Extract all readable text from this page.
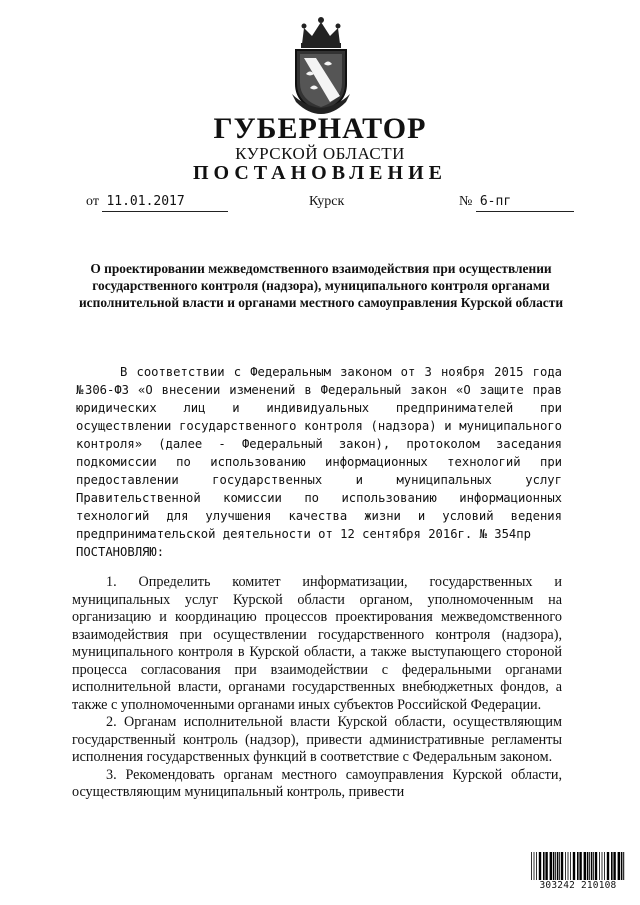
ГУБЕРНАТОР
КУРСКОЙ ОБЛАСТИ
ПОСТАНОВЛЕНИЕ
от 11.01.2017	Курск	№ 6-пг
О проектировании межведомственного взаимодействия при осуществлении государственного контроля (надзора), муниципального контроля органами исполнительной власти и органами местного самоуправления Курской области

В соответствии с Федеральным законом от 3 ноября 2015 года №306-ФЗ «О внесении изменений в Федеральный закон «О защите прав юридических лиц и индивидуальных предпринимателей при осуществлении государственного контроля (надзора) и муниципального контроля» (далее - Федеральный закон), протоколом заседания подкомиссии по использованию информационных технологий при предоставлении государственных и муниципальных услуг Правительственной комиссии по использованию информационных технологий для улучшения качества жизни и условий ведения предпринимательской деятельности от 12 сентября 2016г. № 354пр

ПОСТАНОВЛЯЮ:

1. Определить комитет информатизации, государственных и муниципальных услуг Курской области органом, уполномоченным на организацию и координацию процессов проектирования межведомственного взаимодействия при осуществлении государственного контроля (надзора), муниципального контроля в Курской области, а также выступающего стороной процесса согласования при взаимодействии с федеральными органами исполнительной власти, органами государственных внебюджетных фондов, а также с уполномоченными органами иных субъектов Российской Федерации.

2. Органам исполнительной власти Курской области, осуществляющим государственный контроль (надзор), привести административные регламенты исполнения государственных функций в соответствие с Федеральным законом.

3. Рекомендовать органам местного самоуправления Курской области, осуществляющим муниципальный контроль, привести

303242 210108
